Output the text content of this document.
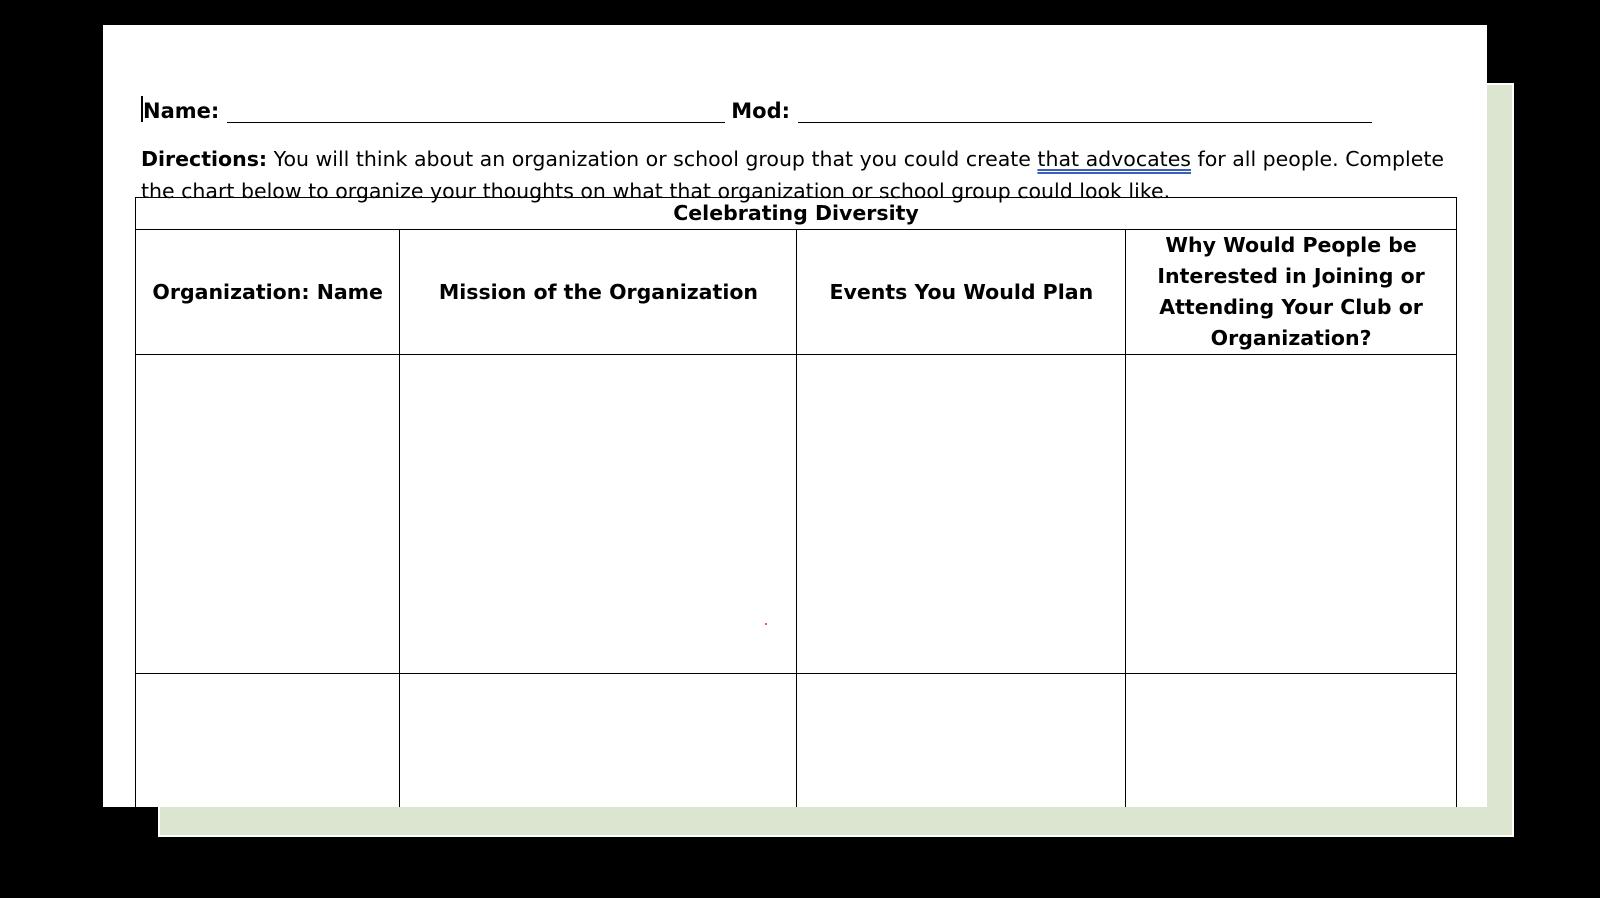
Name:	Mod:
Directions: You will think about an organization or school group that you could create that advocates for all people. Complete the chart below to organize your thoughts on what that organization or school group could look like.
Celebrating Diversity			
Organization: Name	Mission of the Organization	Events You Would Plan	Why Would People be Interested in Joining or Attending Your Club or Organization?
